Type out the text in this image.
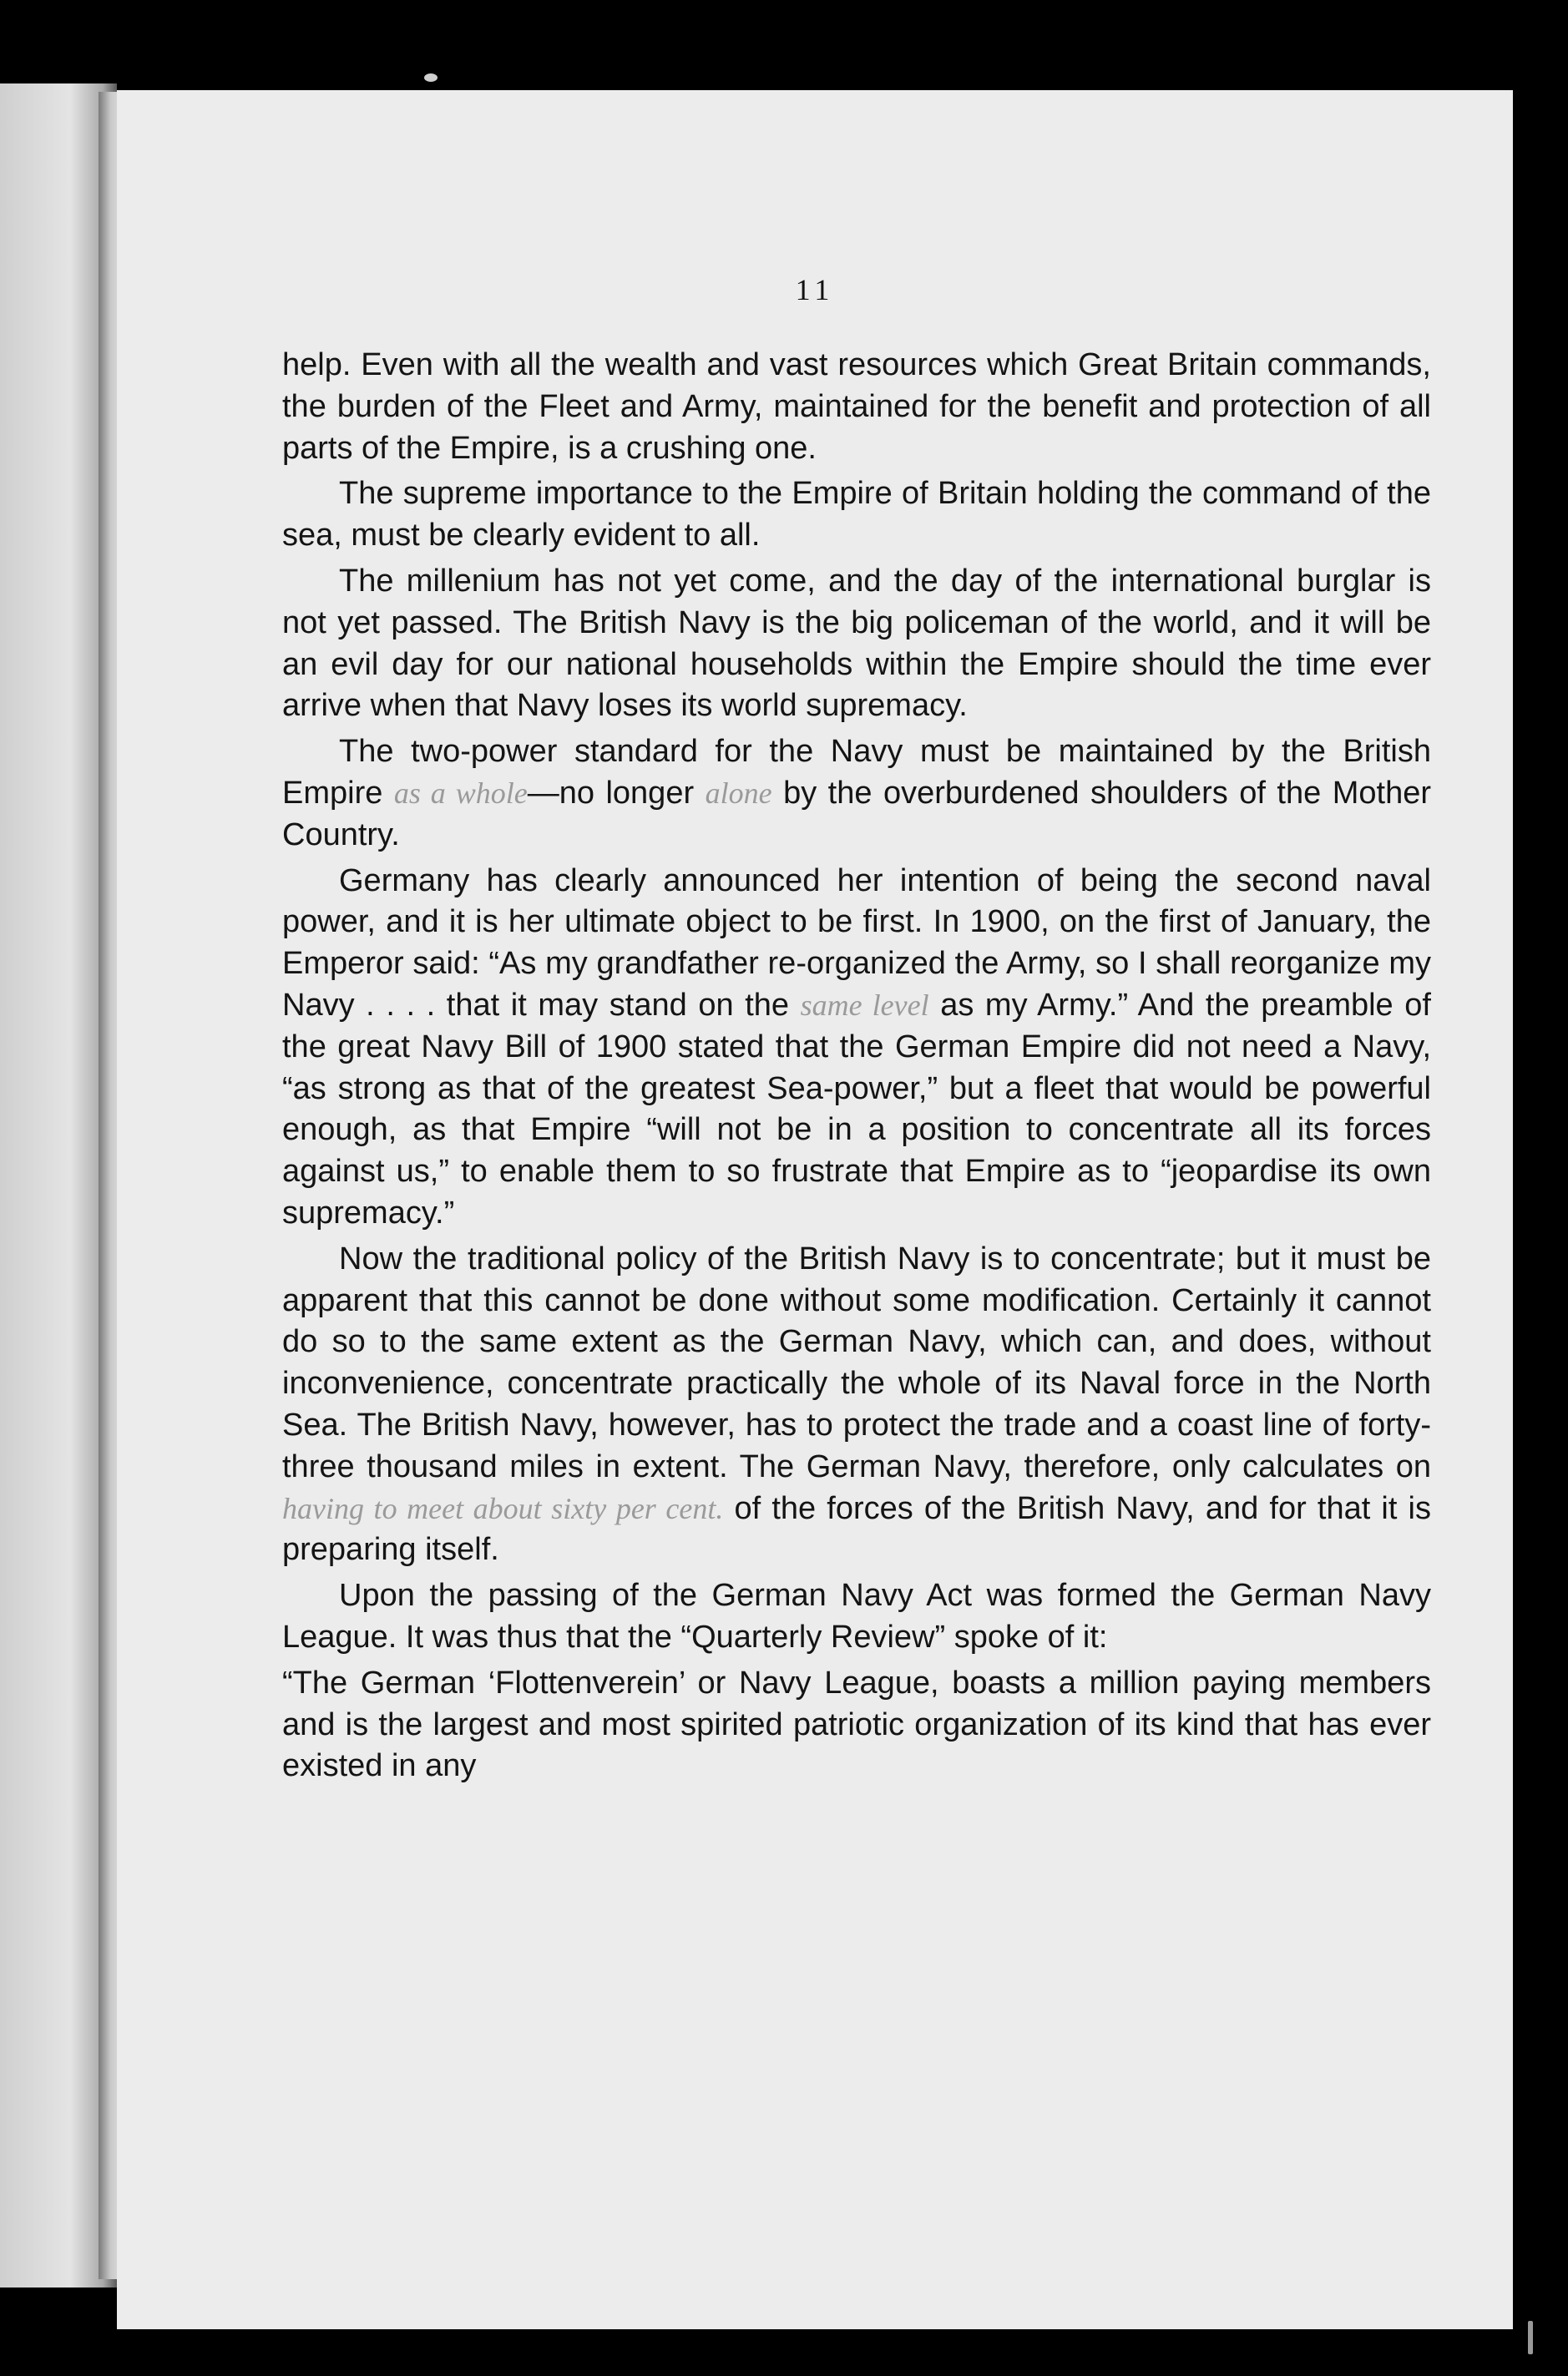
11

help. Even with all the wealth and vast resources which Great Britain commands, the burden of the Fleet and Army, maintained for the benefit and protection of all parts of the Empire, is a crushing one.

The supreme importance to the Empire of Britain holding the command of the sea, must be clearly evident to all.

The millenium has not yet come, and the day of the international burglar is not yet passed. The British Navy is the big policeman of the world, and it will be an evil day for our national households within the Empire should the time ever arrive when that Navy loses its world supremacy.

The two-power standard for the Navy must be maintained by the British Empire as a whole—no longer alone by the overburdened shoulders of the Mother Country.

Germany has clearly announced her intention of being the second naval power, and it is her ultimate object to be first. In 1900, on the first of January, the Emperor said: “As my grandfather re-organized the Army, so I shall reorganize my Navy . . . . that it may stand on the same level as my Army.” And the preamble of the great Navy Bill of 1900 stated that the German Empire did not need a Navy, “as strong as that of the greatest Sea-power,” but a fleet that would be powerful enough, as that Empire “will not be in a position to concentrate all its forces against us,” to enable them to so frustrate that Empire as to “jeopardise its own supremacy.”

Now the traditional policy of the British Navy is to concentrate; but it must be apparent that this cannot be done without some modification. Certainly it cannot do so to the same extent as the German Navy, which can, and does, without inconvenience, concentrate practically the whole of its Naval force in the North Sea. The British Navy, however, has to protect the trade and a coast line of forty-three thousand miles in extent. The German Navy, therefore, only calculates on having to meet about sixty per cent. of the forces of the British Navy, and for that it is preparing itself.

Upon the passing of the German Navy Act was formed the German Navy League. It was thus that the “Quarterly Review” spoke of it:

“The German ‘Flottenverein’ or Navy League, boasts a million paying members and is the largest and most spirited patriotic organization of its kind that has ever existed in any
